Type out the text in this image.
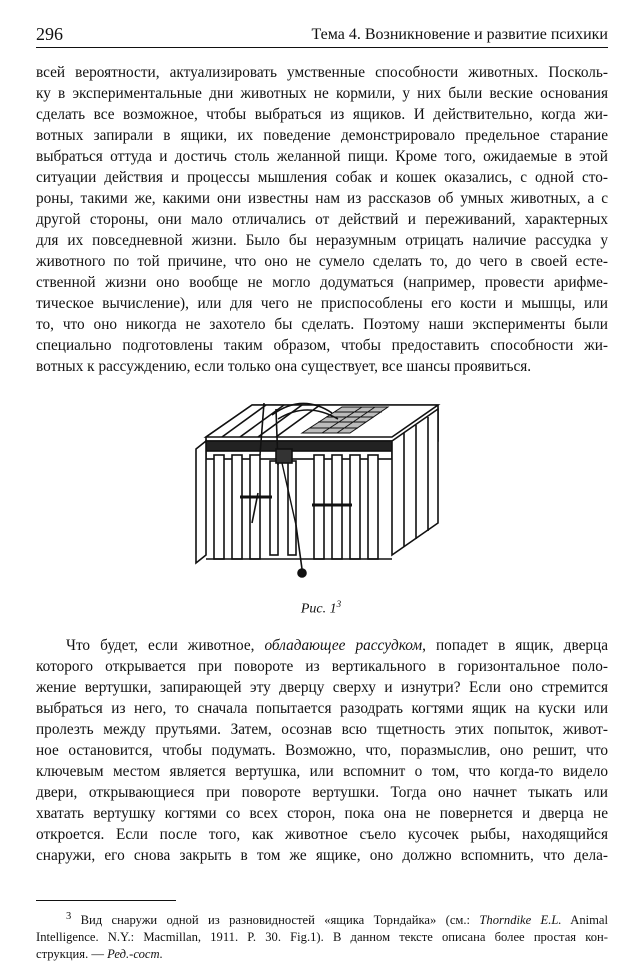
296	Тема 4. Возникновение и развитие психики
всей вероятности, актуализировать умственные способности животных. Посколь-
ку в экспериментальные дни животных не кормили, у них были веские основания
сделать все возможное, чтобы выбраться из ящиков. И действительно, когда жи-
вотных запирали в ящики, их поведение демонстрировало предельное старание
выбраться оттуда и достичь столь желанной пищи. Кроме того, ожидаемые в этой
ситуации действия и процессы мышления собак и кошек оказались, с одной сто-
роны, такими же, какими они известны нам из рассказов об умных животных, а с
другой стороны, они мало отличались от действий и переживаний, характерных
для их повседневной жизни. Было бы неразумным отрицать наличие рассудка у
животного по той причине, что оно не сумело сделать то, до чего в своей есте-
ственной жизни оно вообще не могло додуматься (например, провести арифме-
тическое вычисление), или для чего не приспособлены его кости и мышцы, или
то, что оно никогда не захотело бы сделать. Поэтому наши эксперименты были
специально подготовлены таким образом, чтобы предоставить способности жи-
вотных к рассуждению, если только она существует, все шансы проявиться.
Рис. $1^3$
Что будет, если животное, обладающее рассудком, попадет в ящик, дверца
которого открывается при повороте из вертикального в горизонтальное поло-
жение вертушки, запирающей эту дверцу сверху и изнутри? Если оно стремится
выбраться из него, то сначала попытается разодрать когтями ящик на куски или
пролезть между прутьями. Затем, осознав всю тщетность этих попыток, живот-
ное остановится, чтобы подумать. Возможно, что, поразмыслив, оно решит, что
ключевым местом является вертушка, или вспомнит о том, что когда-то видело
двери, открывающиеся при повороте вертушки. Тогда оно начнет тыкать или
хватать вертушку когтями со всех сторон, пока она не повернется и дверца не
откроется. Если после того, как животное съело кусочек рыбы, находящийся
снаружи, его снова закрыть в том же ящике, оно должно вспомнить, что дела-
$^3$ Вид снаружи одной из разновидностей «ящика Торндайка» (см.: Thorndike E.L. Animal
Intelligence. N.Y.: Macmillan, 1911. P. 30. Fig.1). В данном тексте описана более простая кон-
струкция. — Ред.-сост.
